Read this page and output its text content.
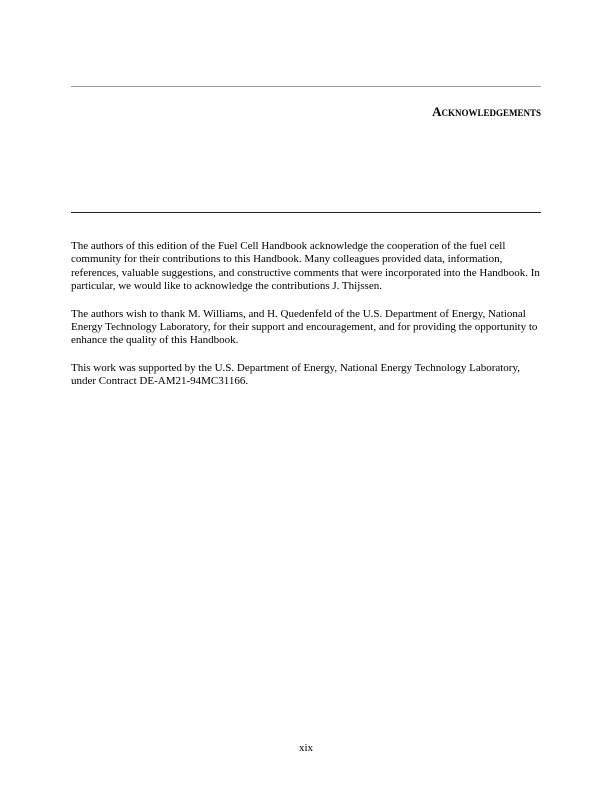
Acknowledgements

The authors of this edition of the Fuel Cell Handbook acknowledge the cooperation of the fuel cell community for their contributions to this Handbook. Many colleagues provided data, information, references, valuable suggestions, and constructive comments that were incorporated into the Handbook. In particular, we would like to acknowledge the contributions J. Thijssen.

The authors wish to thank M. Williams, and H. Quedenfeld of the U.S. Department of Energy, National Energy Technology Laboratory, for their support and encouragement, and for providing the opportunity to enhance the quality of this Handbook.

This work was supported by the U.S. Department of Energy, National Energy Technology Laboratory, under Contract DE-AM21-94MC31166.

xix
